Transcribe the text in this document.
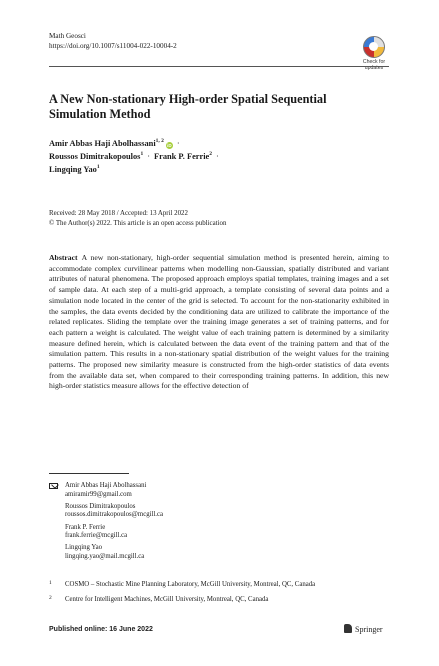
Math Geosci
https://doi.org/10.1007/s11004-022-10004-2
Check for
updates
A New Non-stationary High-order Spatial Sequential
Simulation Method
Amir Abbas Haji Abolhassani$^{1, 2}$iD ·
Roussos Dimitrakopoulos$^1$ · Frank P. Ferrie$^2$ ·
Lingqing Yao$^1$
Received: 28 May 2018 / Accepted: 13 April 2022
© The Author(s) 2022. This article is an open access publication
Abstract A new non-stationary, high-order sequential simulation method is presented herein, aiming to accommodate complex curvilinear patterns when modelling non-Gaussian, spatially distributed and variant attributes of natural phenomena. The proposed approach employs spatial templates, training images and a set of sample data. At each step of a multi-grid approach, a template consisting of several data points and a simulation node located in the center of the grid is selected. To account for the non-stationarity exhibited in the samples, the data events decided by the conditioning data are utilized to calibrate the importance of the related replicates. Sliding the template over the training image generates a set of training patterns, and for each pattern a weight is calculated. The weight value of each training pattern is determined by a similarity measure defined herein, which is calculated between the data event of the training pattern and that of the simulation pattern. This results in a non-stationary spatial distribution of the weight values for the training patterns. The proposed new similarity measure is constructed from the high-order statistics of data events from the available data set, when compared to their corresponding training patterns. In addition, this new high-order statistics measure allows for the effective detection of
Amir Abbas Haji Abolhassani
amiramir99@gmail.com
Roussos Dimitrakopoulos
roussos.dimitrakopoulos@mcgill.ca
Frank P. Ferrie
frank.ferrie@mcgill.ca
Lingqing Yao
lingqing.yao@mail.mcgill.ca
1 COSMO – Stochastic Mine Planning Laboratory, McGill University, Montreal, QC, Canada
2 Centre for Intelligent Machines, McGill University, Montreal, QC, Canada
Published online: 16 June 2022	Springer
